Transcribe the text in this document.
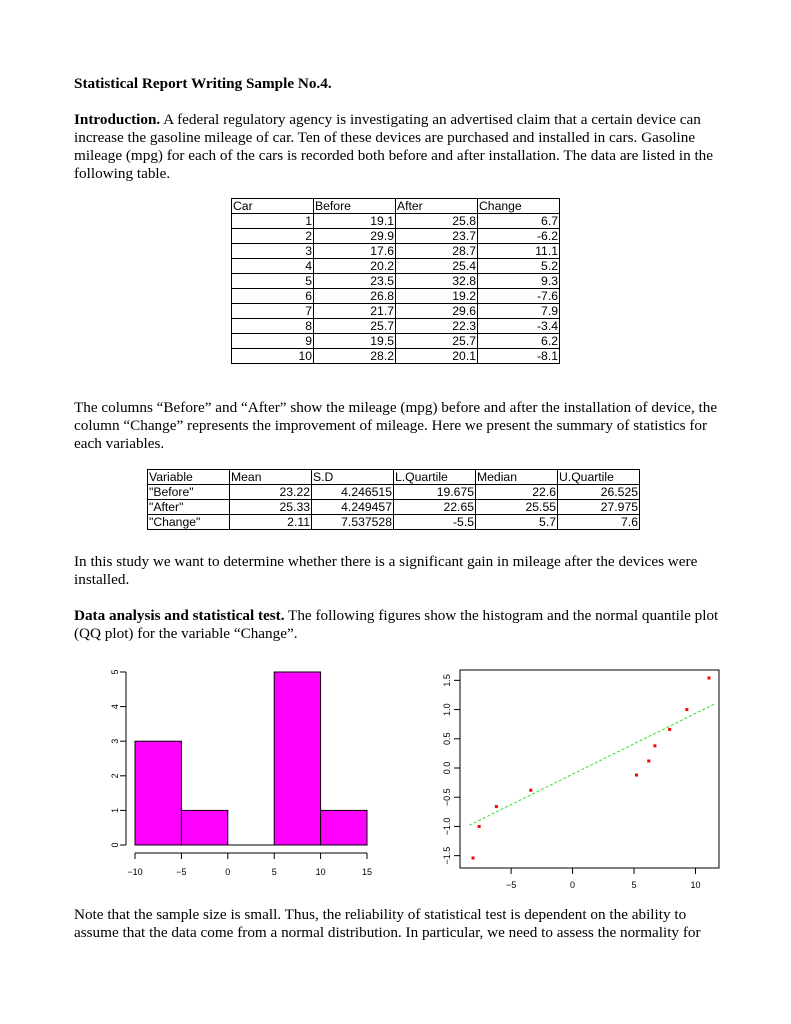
Statistical Report Writing Sample No.4.

Introduction. A federal regulatory agency is investigating an advertised claim that a certain device can increase the gasoline mileage of car. Ten of these devices are purchased and installed in cars. Gasoline mileage (mpg) for each of the cars is recorded both before and after installation. The data are listed in the following table.

Car	Before	After	Change
1	19.1	25.8	6.7
2	29.9	23.7	-6.2
3	17.6	28.7	11.1
4	20.2	25.4	5.2
5	23.5	32.8	9.3
6	26.8	19.2	-7.6
7	21.7	29.6	7.9
8	25.7	22.3	-3.4
9	19.5	25.7	6.2
10	28.2	20.1	-8.1

The columns “Before” and “After” show the mileage (mpg) before and after the installation of device, the column “Change” represents the improvement of mileage. Here we present the summary of statistics for each variables.

Variable	Mean	S.D	L.Quartile	Median	U.Quartile
"Before"	23.22	4.246515	19.675	22.6	26.525
"After"	25.33	4.249457	22.65	25.55	27.975
"Change"	2.11	7.537528	-5.5	5.7	7.6

In this study we want to determine whether there is a significant gain in mileage after the devices were installed.

Data analysis and statistical test. The following figures show the histogram and the normal quantile plot (QQ plot) for the variable “Change”.

0
1
2
3
4
5
−10	−5	0	5	10	15
−1.5
−1.0
−0.5
0.0
0.5
1.0
1.5
−5	0	5	10

Note that the sample size is small. Thus, the reliability of statistical test is dependent on the ability to assume that the data come from a normal distribution. In particular, we need to assess the normality for
